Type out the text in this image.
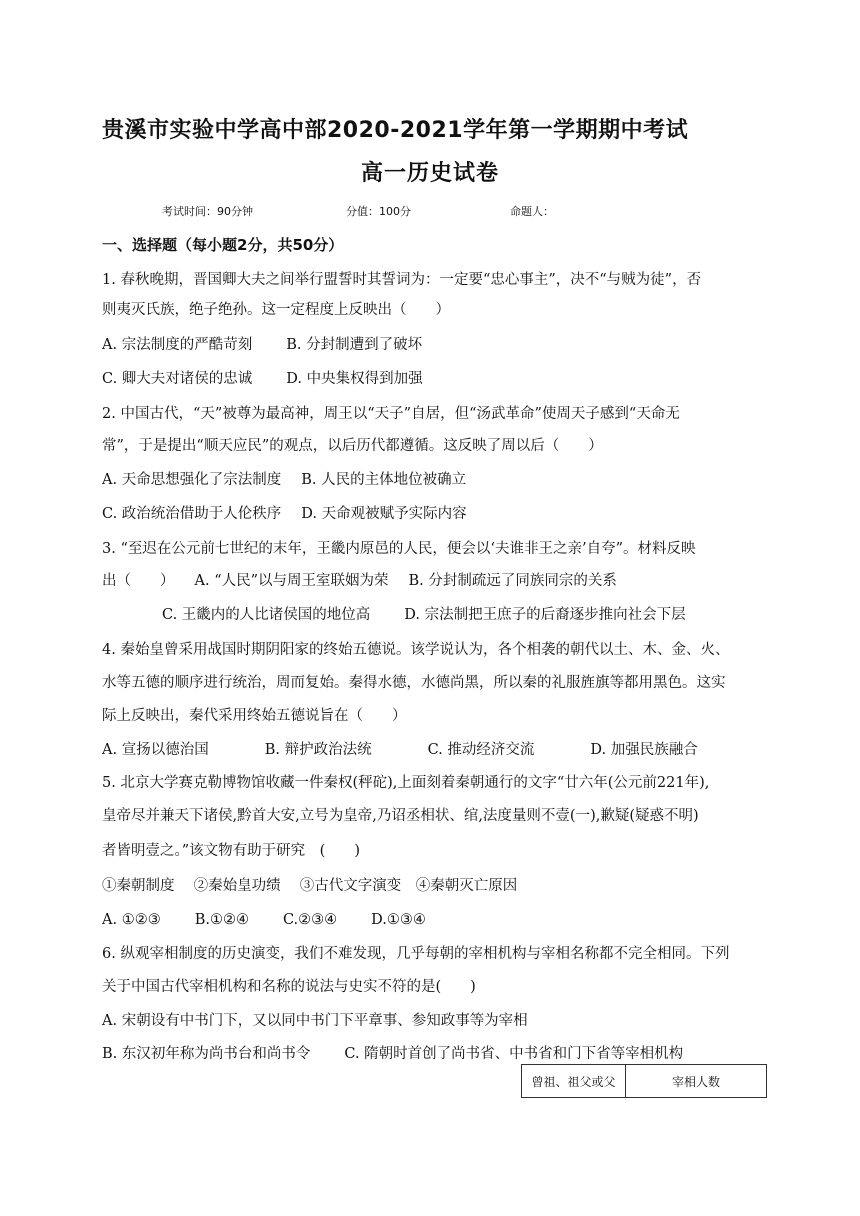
贵溪市实验中学高中部2020-2021学年第一学期期中考试
高一历史试卷
考试时间：90分钟	分值：100分	命题人：
一、选择题（每小题2分，共50分）
1. 春秋晚期，晋国卿大夫之间举行盟誓时其誓词为：一定要“忠心事主”，决不“与贼为徒”，否
则夷灭氏族，绝子绝孙。这一定程度上反映出（　　）
A. 宗法制度的严酷苛刻 B. 分封制遭到了破坏
C. 卿大夫对诸侯的忠诚 D. 中央集权得到加强
2. 中国古代，“天”被尊为最高神，周王以“天子”自居，但“汤武革命”使周天子感到“天命无
常”，于是提出“顺天应民”的观点，以后历代都遵循。这反映了周以后（　　）
A. 天命思想强化了宗法制度 B. 人民的主体地位被确立
C. 政治统治借助于人伦秩序 D. 天命观被赋予实际内容
3. “至迟在公元前七世纪的末年，王畿内原邑的人民，便会以‘夫谁非王之亲’自夸”。材料反映
出（　　） A. “人民”以与周王室联姻为荣 B. 分封制疏远了同族同宗的关系
C. 王畿内的人比诸侯国的地位高 D. 宗法制把王庶子的后裔逐步推向社会下层
4. 秦始皇曾采用战国时期阴阳家的终始五德说。该学说认为，各个相袭的朝代以土、木、金、火、
水等五德的顺序进行统治，周而复始。秦得水德，水德尚黑，所以秦的礼服旌旗等都用黑色。这实
际上反映出，秦代采用终始五德说旨在（　　）
A. 宣扬以德治国	B. 辩护政治法统	C. 推动经济交流	D. 加强民族融合
5. 北京大学赛克勒博物馆收藏一件秦权(秤砣),上面刻着秦朝通行的文字“廿六年(公元前221年),
皇帝尽并兼天下诸侯,黔首大安,立号为皇帝,乃诏丞相状、绾,法度量则不壹(一),歉疑(疑惑不明)
者皆明壹之。”该文物有助于研究　(　　)
①秦朝制度　 ②秦始皇功绩　 ③古代文字演变　④秦朝灭亡原因
A. ①②③ B.①②④ C.②③④ D.①③④
6. 纵观宰相制度的历史演变，我们不难发现，几乎每朝的宰相机构与宰相名称都不完全相同。下列
关于中国古代宰相机构和名称的说法与史实不符的是(　　)
A. 宋朝设有中书门下，又以同中书门下平章事、参知政事等为宰相
B. 东汉初年称为尚书台和尚书令 C. 隋朝时首创了尚书省、中书省和门下省等宰相机构
曾祖、祖父或父	宰相人数
